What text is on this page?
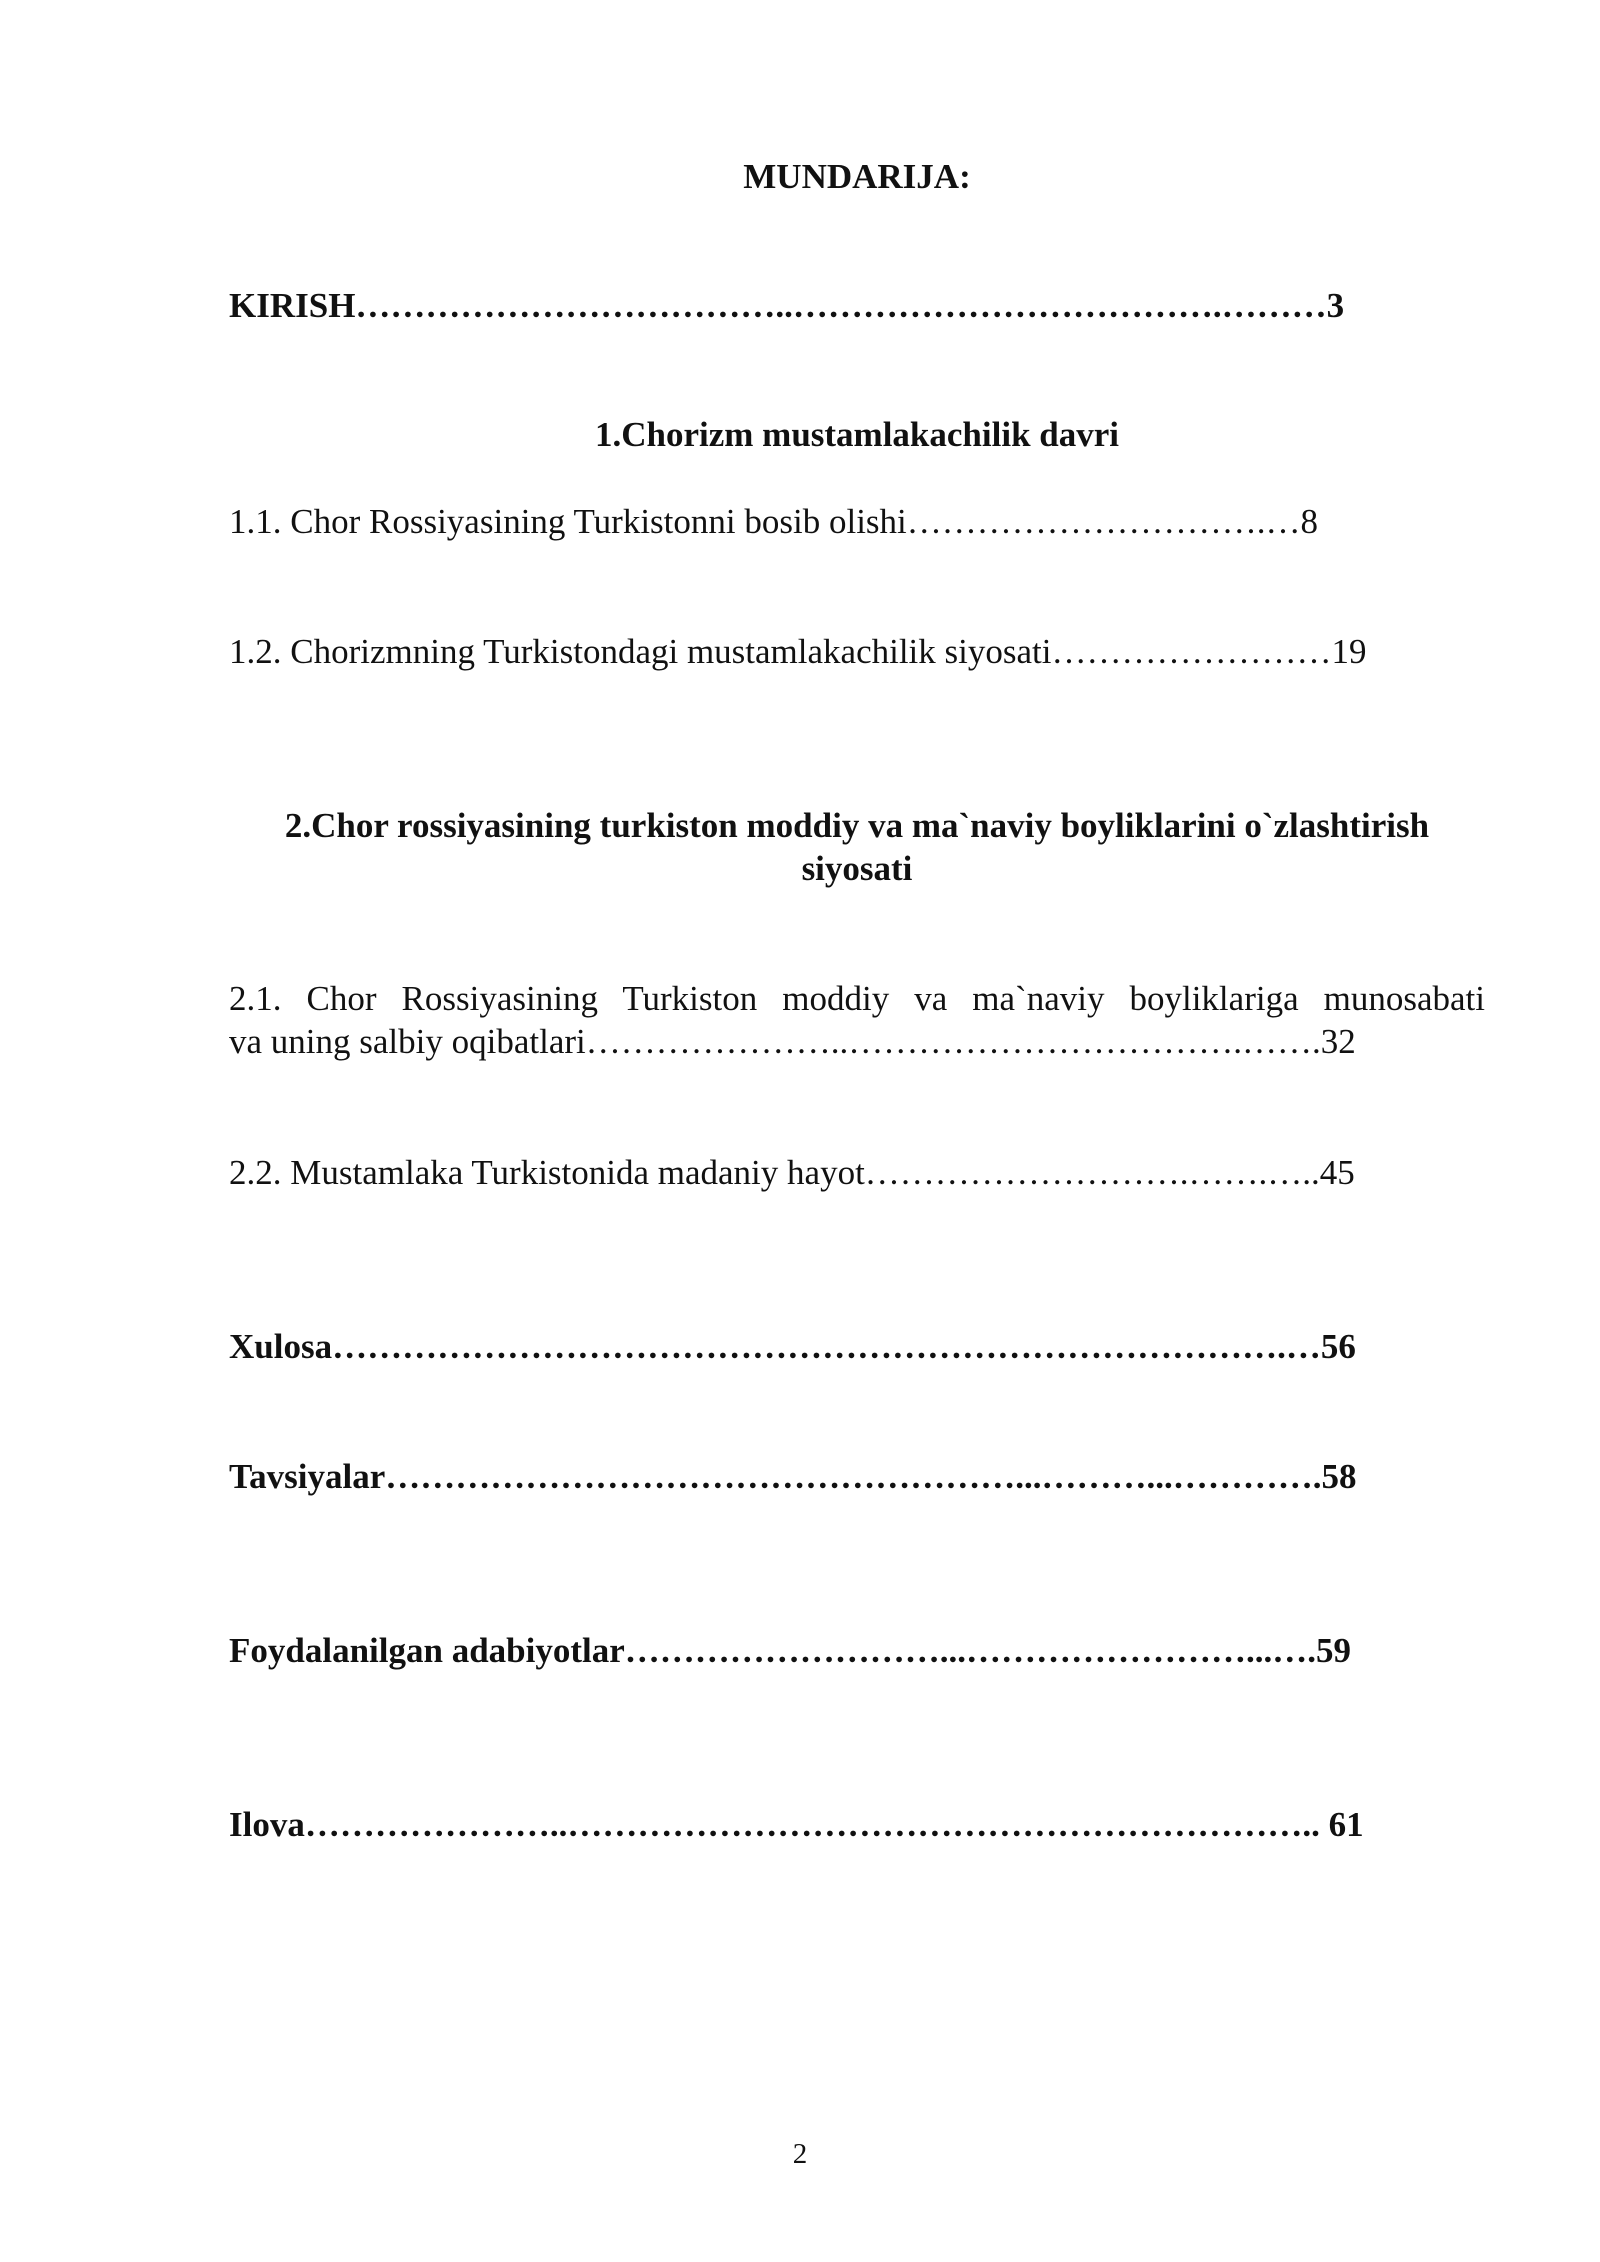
MUNDARIJA:
KIRISH………………………………..……………………………….………3
1.Chorizm mustamlakachilik davri
1.1. Chor Rossiyasining Turkistonni bosib olishi………………………….…8
1.2. Chorizmning Turkistondagi mustamlakachilik siyosati……………………19
2.Chor rossiyasining turkiston moddiy va ma`naviy boyliklarini o`zlashtirish
siyosati
2.1. Chor Rossiyasining Turkiston moddiy va ma`naviy boyliklariga munosabati
va uning salbiy oqibatlari…………………..…………………………….…….32
2.2. Mustamlaka Turkistonida madaniy hayot……………………….…….…..45
Xulosa……………………………………………………………………….…56
Tavsiyalar………………………………………………...………...………….58
Foydalanilgan adabiyotlar………………………...……………………...….59
Ilova…………………..……………………………………………………….. 61
2
